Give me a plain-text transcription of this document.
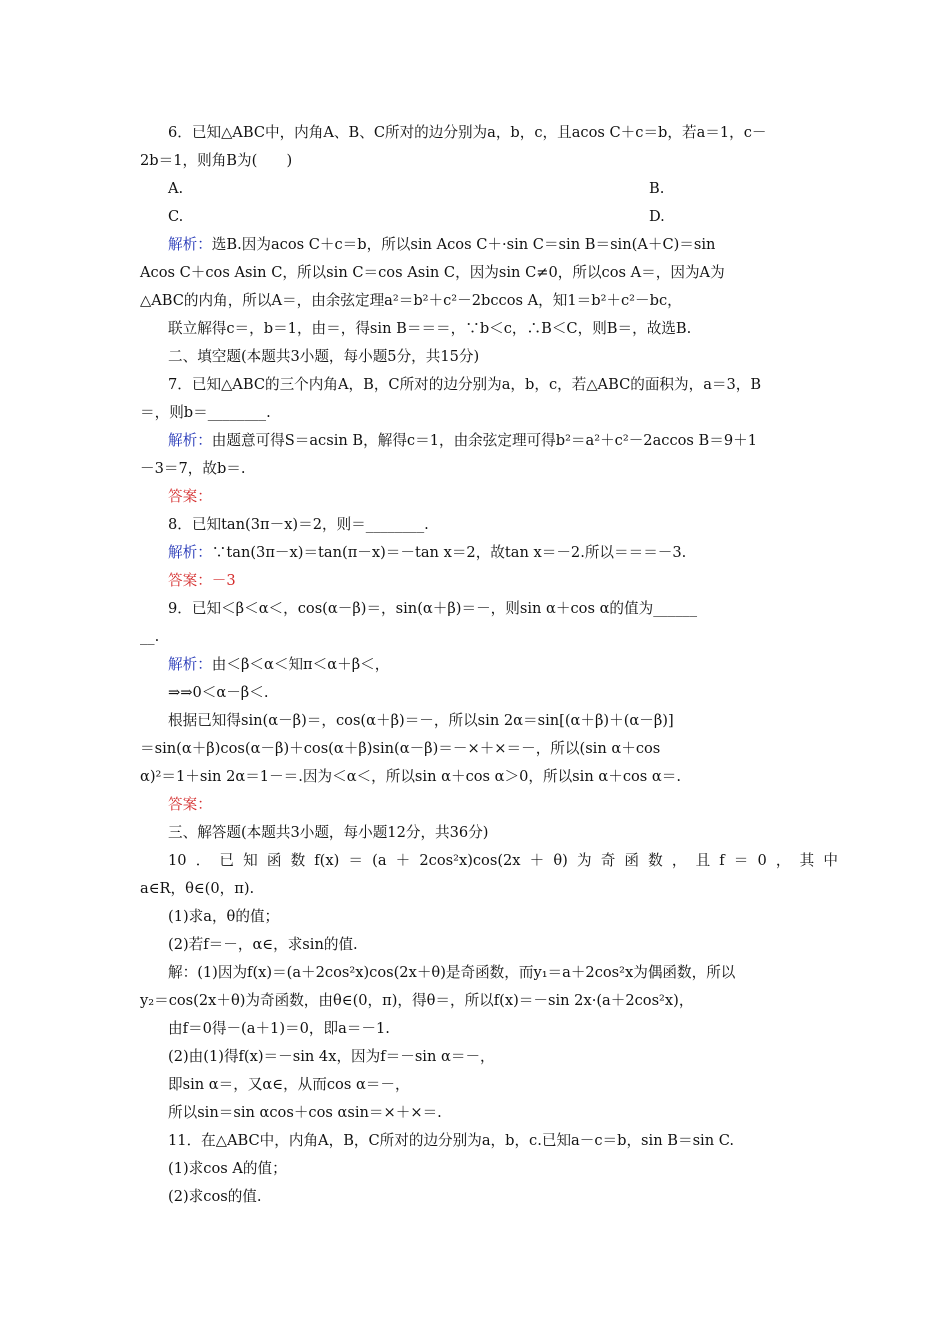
6．已知△ABC中，内角A、B、C所对的边分别为a，b，c，且acos C＋c＝b，若a＝1，c－
2b＝1，则角B为(　　)
A.	B.
C.	D.
解析：选B.因为acos C＋c＝b，所以sin Acos C＋·sin C＝sin B＝sin(A＋C)＝sin
Acos C＋cos Asin C，所以sin C＝cos Asin C，因为sin C≠0，所以cos A＝，因为A为
△ABC的内角，所以A＝，由余弦定理a²＝b²＋c²－2bccos A，知1＝b²＋c²－bc，
联立解得c＝，b＝1，由＝，得sin B＝＝＝，∵b＜c，∴B＜C，则B＝，故选B.
二、填空题(本题共3小题，每小题5分，共15分)
7．已知△ABC的三个内角A，B，C所对的边分别为a，b，c，若△ABC的面积为，a＝3，B
＝，则b＝________.
解析：由题意可得S＝acsin B，解得c＝1，由余弦定理可得b²＝a²＋c²－2accos B＝9＋1
－3＝7，故b＝.
答案：
8．已知tan(3π－x)＝2，则＝________.
解析：∵tan(3π－x)＝tan(π－x)＝－tan x＝2，故tan x＝－2.所以＝＝＝－3.
答案：－3
9．已知＜β＜α＜，cos(α－β)＝，sin(α＋β)＝－，则sin α＋cos α的值为______
__.
解析：由＜β＜α＜知π＜α＋β＜，
⇒⇒0＜α－β＜.
根据已知得sin(α－β)＝，cos(α＋β)＝－，所以sin 2α＝sin[(α＋β)＋(α－β)]
＝sin(α＋β)cos(α－β)＋cos(α＋β)sin(α－β)＝－×＋×＝－，所以(sin α＋cos
α)²＝1＋sin 2α＝1－＝.因为＜α＜，所以sin α＋cos α＞0，所以sin α＋cos α＝.
答案：
三、解答题(本题共3小题，每小题12分，共36分)
10 ． 已 知 函 数 f(x) ＝ (a ＋ 2cos²x)cos(2x ＋ θ) 为 奇 函 数 ， 且 f ＝ 0 ， 其 中
a∈R，θ∈(0，π).
(1)求a，θ的值；
(2)若f＝－，α∈，求sin的值.
解：(1)因为f(x)＝(a＋2cos²x)cos(2x＋θ)是奇函数，而y₁＝a＋2cos²x为偶函数，所以
y₂＝cos(2x＋θ)为奇函数，由θ∈(0，π)，得θ＝，所以f(x)＝－sin 2x·(a＋2cos²x)，
由f＝0得－(a＋1)＝0，即a＝－1.
(2)由(1)得f(x)＝－sin 4x，因为f＝－sin α＝－，
即sin α＝，又α∈，从而cos α＝－，
所以sin＝sin αcos＋cos αsin＝×＋×＝.
11．在△ABC中，内角A，B，C所对的边分别为a，b，c.已知a－c＝b，sin B＝sin C.
(1)求cos A的值；
(2)求cos的值.
